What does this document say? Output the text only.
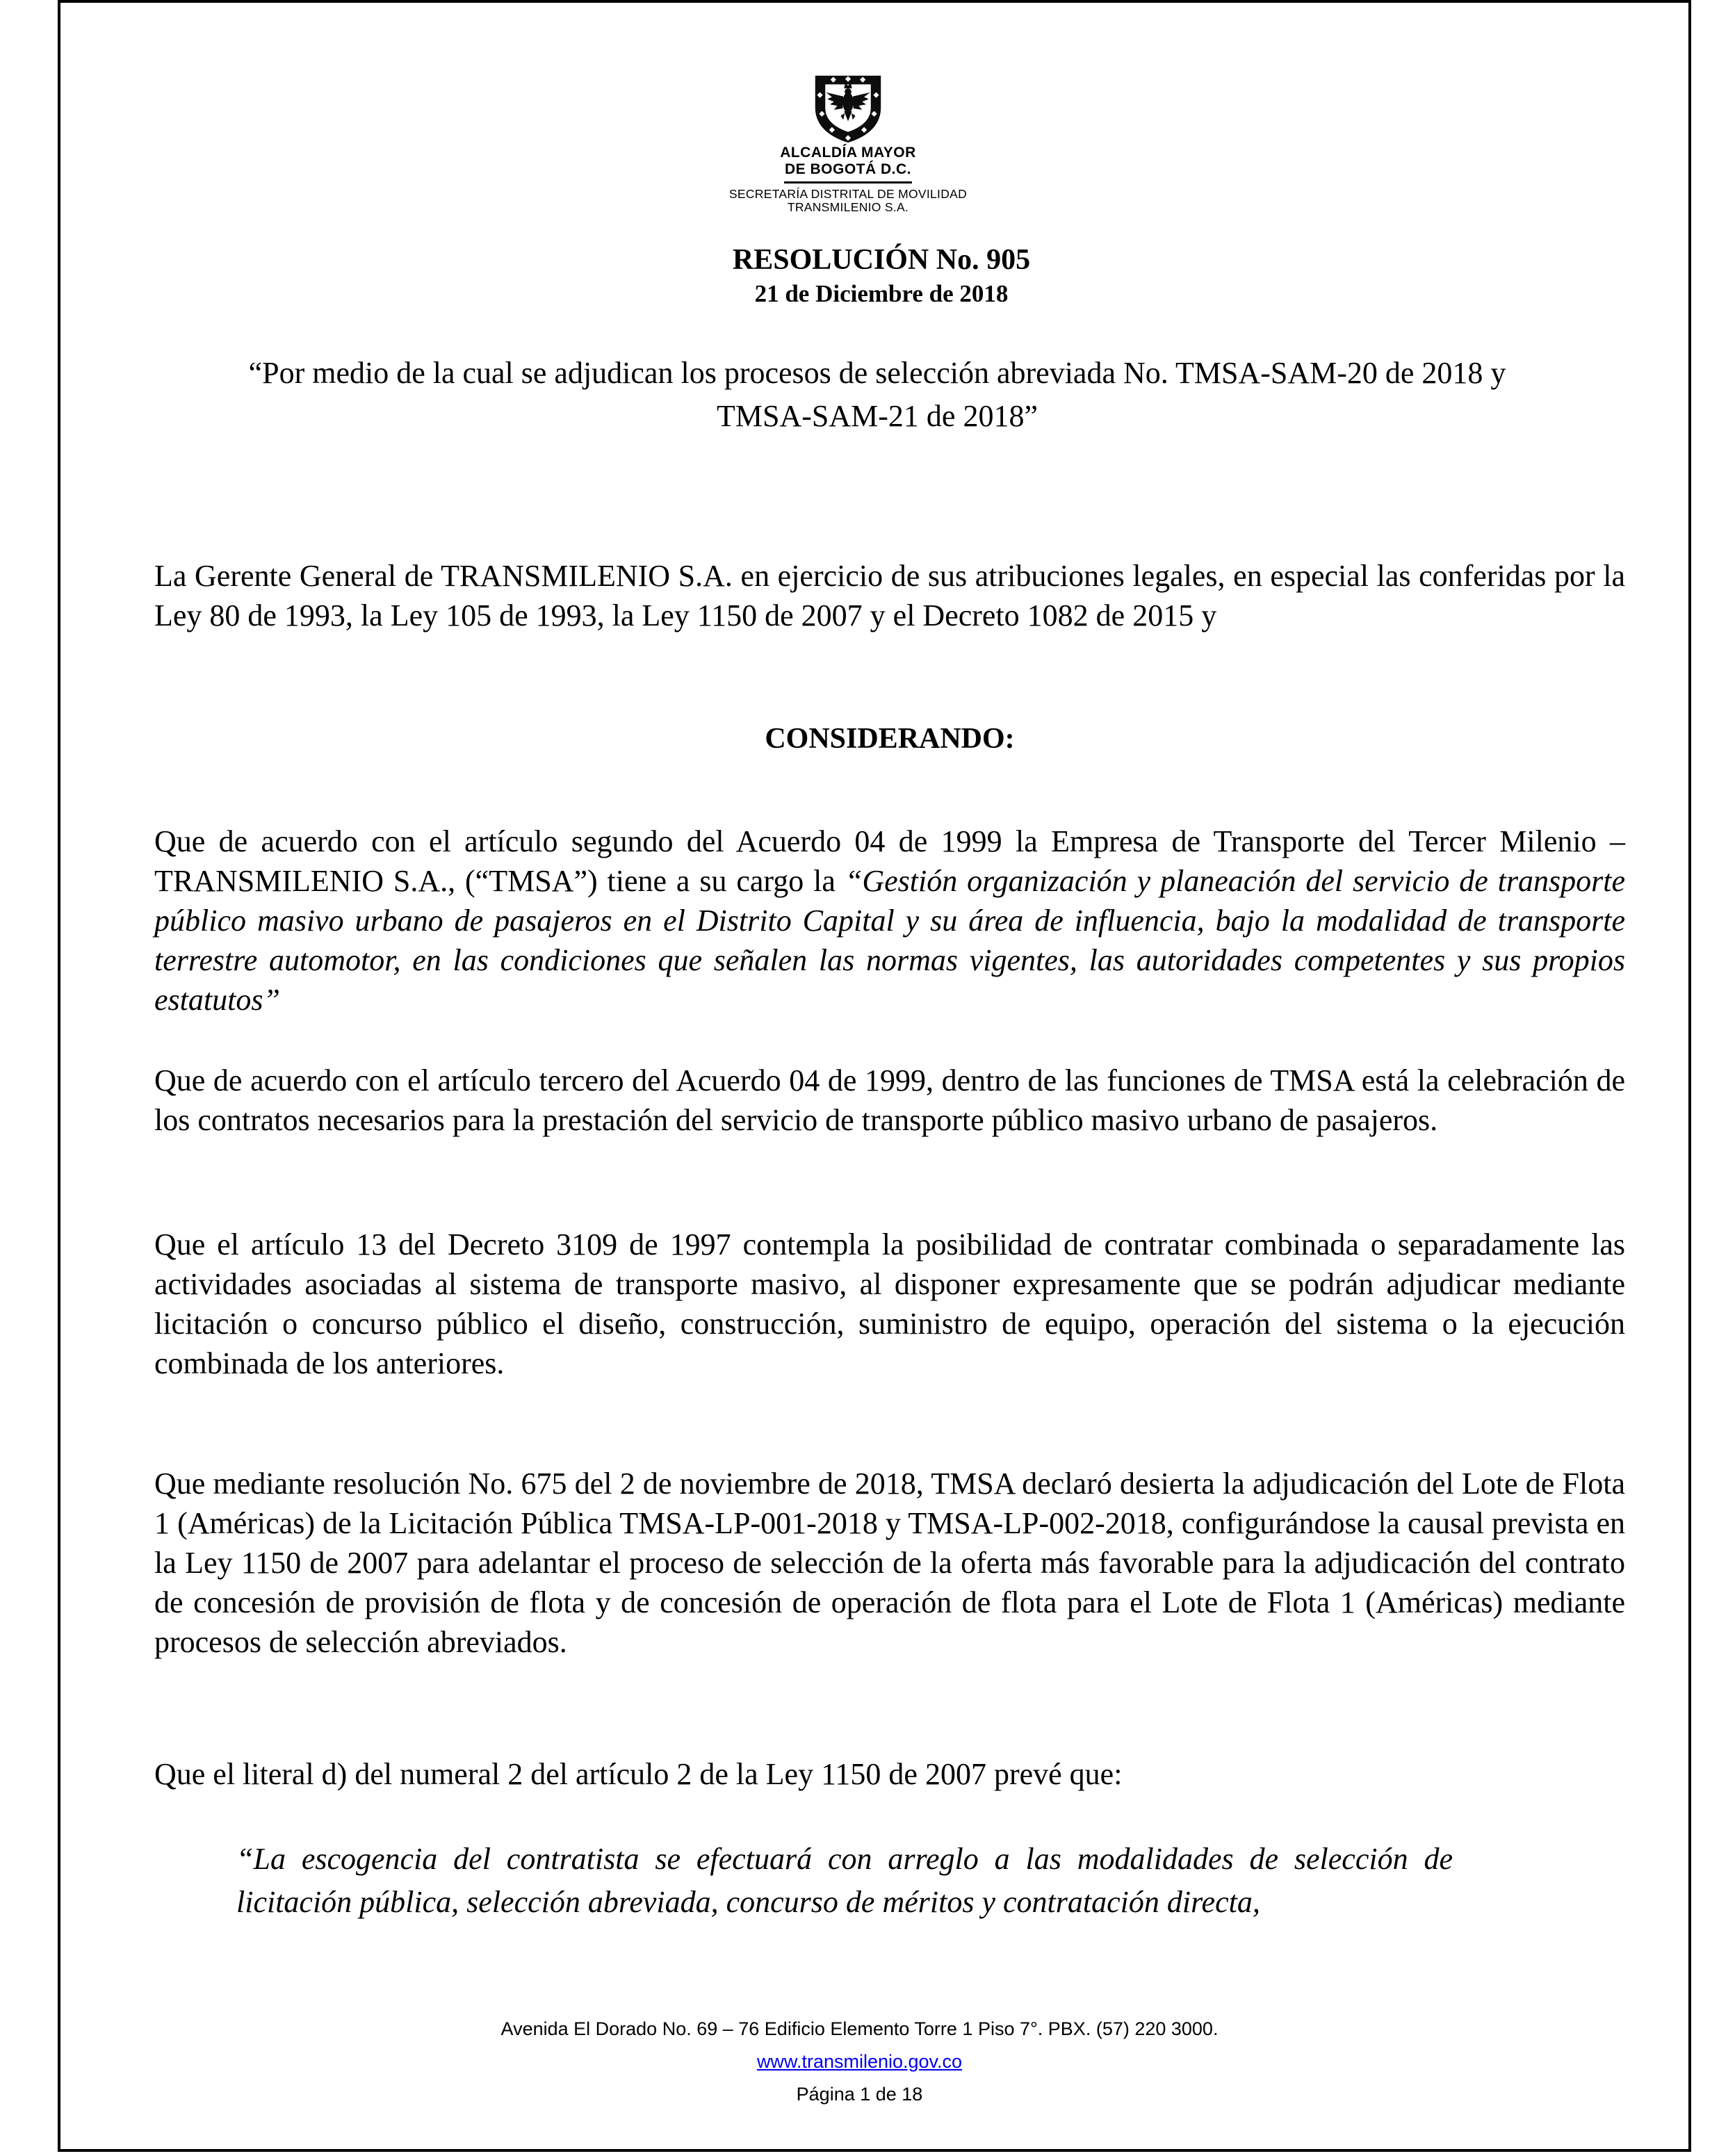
ALCALDÍA MAYOR
DE BOGOTÁ D.C.
SECRETARÍA DISTRITAL DE MOVILIDAD
TRANSMILENIO S.A.
RESOLUCIÓN No. 905
21 de Diciembre de 2018
“Por medio de la cual se adjudican los procesos de selección abreviada No. TMSA-SAM-20 de 2018 y TMSA-SAM-21 de 2018”

La Gerente General de TRANSMILENIO S.A. en ejercicio de sus atribuciones legales, en especial las conferidas por la Ley 80 de 1993, la Ley 105 de 1993, la Ley 1150 de 2007 y el Decreto 1082 de 2015 y

CONSIDERANDO:

Que de acuerdo con el artículo segundo del Acuerdo 04 de 1999 la Empresa de Transporte del Tercer Milenio – TRANSMILENIO S.A., (“TMSA”) tiene a su cargo la “Gestión organización y planeación del servicio de transporte público masivo urbano de pasajeros en el Distrito Capital y su área de influencia, bajo la modalidad de transporte terrestre automotor, en las condiciones que señalen las normas vigentes, las autoridades competentes y sus propios estatutos”

Que de acuerdo con el artículo tercero del Acuerdo 04 de 1999, dentro de las funciones de TMSA está la celebración de los contratos necesarios para la prestación del servicio de transporte público masivo urbano de pasajeros.

Que el artículo 13 del Decreto 3109 de 1997 contempla la posibilidad de contratar combinada o separadamente las actividades asociadas al sistema de transporte masivo, al disponer expresamente que se podrán adjudicar mediante licitación o concurso público el diseño, construcción, suministro de equipo, operación del sistema o la ejecución combinada de los anteriores.

Que mediante resolución No. 675 del 2 de noviembre de 2018, TMSA declaró desierta la adjudicación del Lote de Flota 1 (Américas) de la Licitación Pública TMSA-LP-001-2018 y TMSA-LP-002-2018, configurándose la causal prevista en la Ley 1150 de 2007 para adelantar el proceso de selección de la oferta más favorable para la adjudicación del contrato de concesión de provisión de flota y de concesión de operación de flota para el Lote de Flota 1 (Américas) mediante procesos de selección abreviados.

Que el literal d) del numeral 2 del artículo 2 de la Ley 1150 de 2007 prevé que:

“La escogencia del contratista se efectuará con arreglo a las modalidades de selección de licitación pública, selección abreviada, concurso de méritos y contratación directa,

Avenida El Dorado No. 69 – 76 Edificio Elemento Torre 1 Piso 7°. PBX. (57) 220 3000.
www.transmilenio.gov.co
Página 1 de 18
